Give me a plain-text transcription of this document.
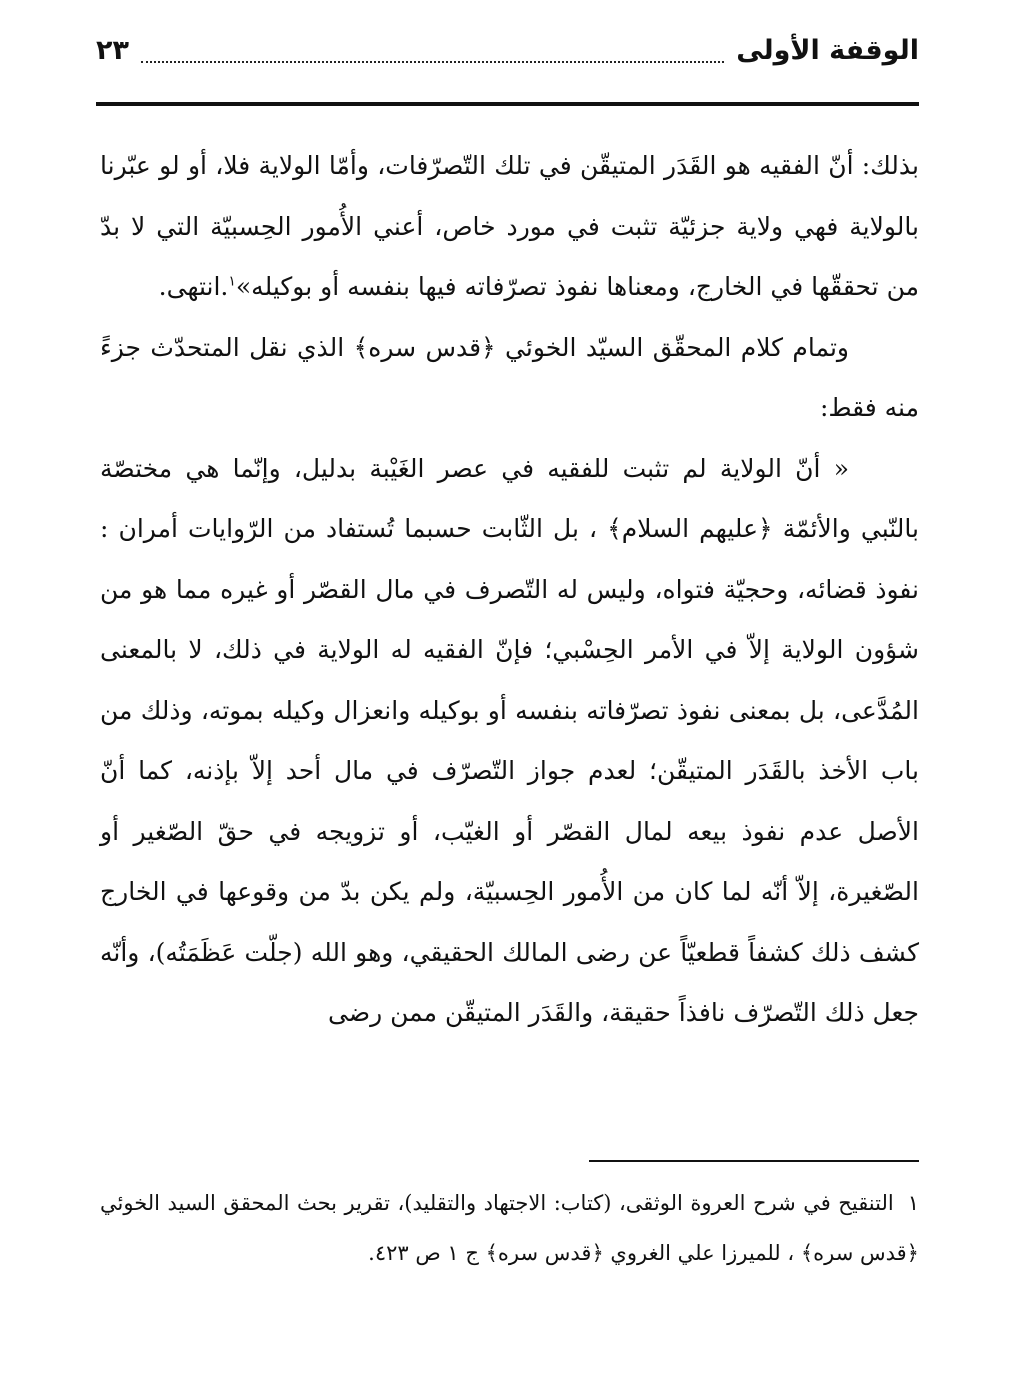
الوقفة الأولى
٢٣

بذلك: أنّ الفقيه هو القَدَر المتيقّن في تلك التّصرّفات، وأمّا الولاية فلا، أو لو عبّرنا بالولاية فهي ولاية جزئيّة تثبت في مورد خاص، أعني الأُمور الحِسبيّة التي لا بدّ من تحققّها في الخارج، ومعناها نفوذ تصرّفاته فيها بنفسه أو بوكيله»$^١$.انتهى.

وتمام كلام المحقّق السيّد الخوئي ﴿قدس سره﴾ الذي نقل المتحدّث جزءً منه فقط:

« أنّ الولاية لم تثبت للفقيه في عصر الغَيْبة بدليل، وإنّما هي مختصّة بالنّبي والأئمّة ﴿عليهم السلام﴾ ، بل الثّابت حسبما تُستفاد من الرّوايات أمران : نفوذ قضائه، وحجيّة فتواه، وليس له التّصرف في مال القصّر أو غيره مما هو من شؤون الولاية إلاّ في الأمر الحِسْبي؛ فإنّ الفقيه له الولاية في ذلك، لا بالمعنى المُدَّعى، بل بمعنى نفوذ تصرّفاته بنفسه أو بوكيله وانعزال وكيله بموته، وذلك من باب الأخذ بالقَدَر المتيقّن؛ لعدم جواز التّصرّف في مال أحد إلاّ بإذنه، كما أنّ الأصل عدم نفوذ بيعه لمال القصّر أو الغيّب، أو تزويجه في حقّ الصّغير أو الصّغيرة، إلاّ أنّه لما كان من الأُمور الحِسبيّة، ولم يكن بدّ من وقوعها في الخارج كشف ذلك كشفاً قطعيّاً عن رضى المالك الحقيقي، وهو الله (جلّت عَظَمَتُه)، وأنّه جعل ذلك التّصرّف نافذاً حقيقة، والقَدَر المتيقّن ممن رضى

١التنقيح في شرح العروة الوثقى، (كتاب: الاجتهاد والتقليد)، تقرير بحث المحقق السيد الخوئي ﴿قدس سره﴾ ، للميرزا علي الغروي ﴿قدس سره﴾ ج ١ ص ٤٢٣.
